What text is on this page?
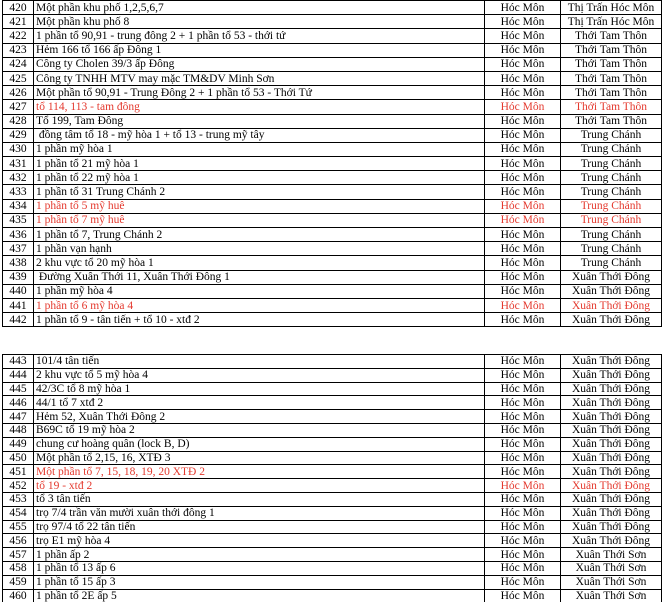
420	Một phần khu phố 1,2,5,6,7	Hóc Môn	Thị Trấn Hóc Môn
421	Một phần khu phố 8	Hóc Môn	Thị Trấn Hóc Môn
422	1 phần tổ 90,91 - trung đông 2 + 1 phần tổ 53 - thới tứ	Hóc Môn	Thới Tam Thôn
423	Hẻm 166 tổ 166 ấp Đông 1	Hóc Môn	Thới Tam Thôn
424	Công ty Cholen 39/3 ấp Đông	Hóc Môn	Thới Tam Thôn
425	Công ty TNHH MTV may mặc TM&DV Minh Sơn	Hóc Môn	Thới Tam Thôn
426	Một phần tổ 90,91 - Trung Đông 2 + 1 phần tổ 53 - Thới Tứ	Hóc Môn	Thới Tam Thôn
427	tổ 114, 113 - tam đông	Hóc Môn	Thới Tam Thôn
428	Tổ 199, Tam Đông	Hóc Môn	Thới Tam Thôn
429	đồng tâm tổ 18 - mỹ hòa 1 + tổ 13 - trung mỹ tây	Hóc Môn	Trung Chánh
430	1 phần mỹ hòa 1	Hóc Môn	Trung Chánh
431	1 phần tổ 21 mỹ hòa 1	Hóc Môn	Trung Chánh
432	1 phần tổ 22 mỹ hòa 1	Hóc Môn	Trung Chánh
433	1 phần tổ 31 Trung Chánh 2	Hóc Môn	Trung Chánh
434	1 phần tổ 5 mỹ huê	Hóc Môn	Trung Chánh
435	1 phần tổ 7 mỹ huê	Hóc Môn	Trung Chánh
436	1 phần tổ 7, Trung Chánh 2	Hóc Môn	Trung Chánh
437	1 phần vạn hạnh	Hóc Môn	Trung Chánh
438	2 khu vực tổ 20 mỹ hòa 1	Hóc Môn	Trung Chánh
439	Đường Xuân Thới 11, Xuân Thới Đông 1	Hóc Môn	Xuân Thới Đông
440	1 phần mỹ hòa 4	Hóc Môn	Xuân Thới Đông
441	1 phần tổ 6 mỹ hòa 4	Hóc Môn	Xuân Thới Đông
442	1 phần tổ 9 - tân tiến + tổ 10 - xtđ 2	Hóc Môn	Xuân Thới Đông
443	101/4 tân tiến	Hóc Môn	Xuân Thới Đông
444	2 khu vực tổ 5 mỹ hòa 4	Hóc Môn	Xuân Thới Đông
445	42/3C tổ 8 mỹ hòa 1	Hóc Môn	Xuân Thới Đông
446	44/1 tổ 7 xtđ 2	Hóc Môn	Xuân Thới Đông
447	Hẻm 52, Xuân Thới Đông 2	Hóc Môn	Xuân Thới Đông
448	B69C tổ 19 mỹ hòa 2	Hóc Môn	Xuân Thới Đông
449	chung cư hoàng quân (lock B, D)	Hóc Môn	Xuân Thới Đông
450	Một phần tổ 2,15, 16, XTĐ 3	Hóc Môn	Xuân Thới Đông
451	Một phần tổ 7, 15, 18, 19, 20 XTĐ 2	Hóc Môn	Xuân Thới Đông
452	tổ 19 - xtđ 2	Hóc Môn	Xuân Thới Đông
453	tổ 3 tân tiến	Hóc Môn	Xuân Thới Đông
454	trọ 7/4 trần văn mười xuân thới đông 1	Hóc Môn	Xuân Thới Đông
455	trọ 97/4 tổ 22 tân tiến	Hóc Môn	Xuân Thới Đông
456	trọ E1 mỹ hòa 4	Hóc Môn	Xuân Thới Đông
457	1 phần ấp 2	Hóc Môn	Xuân Thới Sơn
458	1 phần tổ 13 ấp 6	Hóc Môn	Xuân Thới Sơn
459	1 phần tổ 15 ấp 3	Hóc Môn	Xuân Thới Sơn
460	1 phần tổ 2E ấp 5	Hóc Môn	Xuân Thới Sơn
